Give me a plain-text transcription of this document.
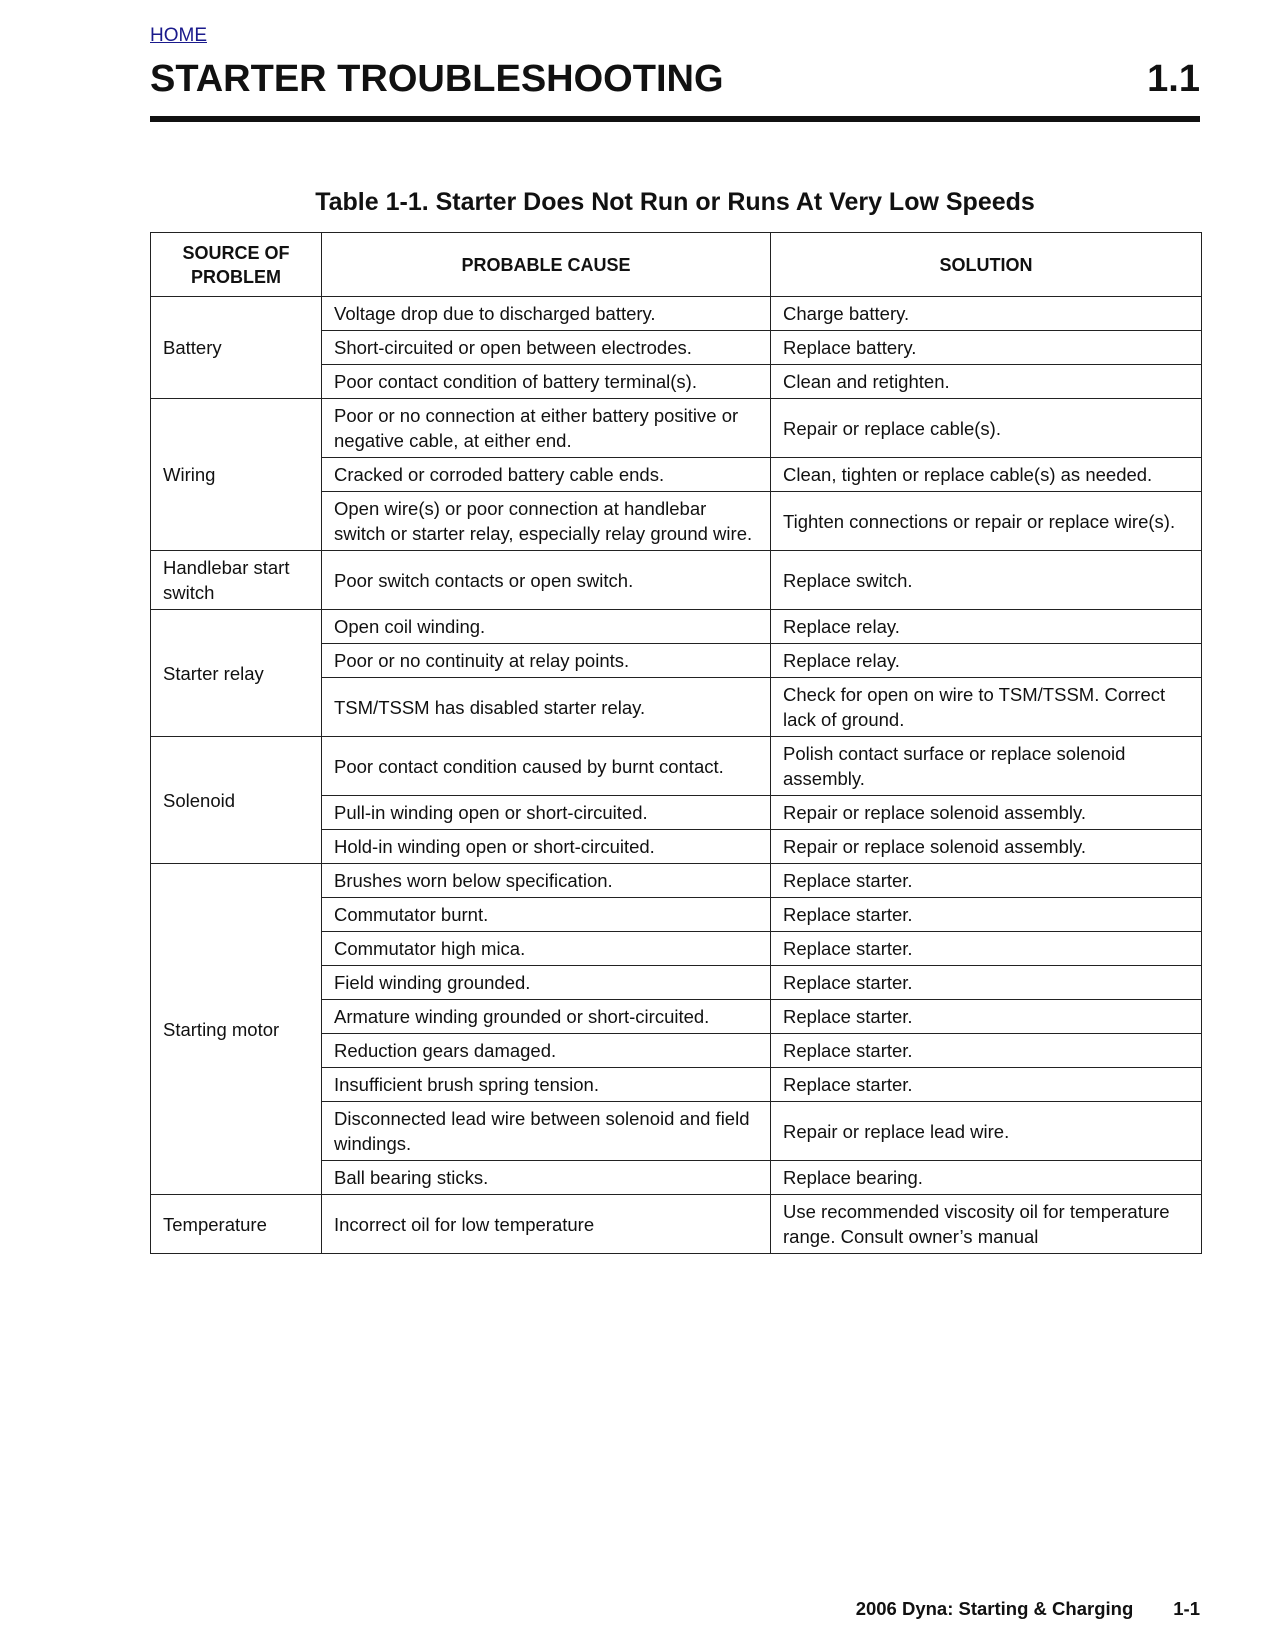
HOME
STARTER TROUBLESHOOTING	1.1
Table 1-1. Starter Does Not Run or Runs At Very Low Speeds
SOURCE OF PROBLEM	PROBABLE CAUSE	SOLUTION
Battery	Voltage drop due to discharged battery.	Charge battery.
	Short-circuited or open between electrodes.	Replace battery.
	Poor contact condition of battery terminal(s).	Clean and retighten.
Wiring	Poor or no connection at either battery positive or negative cable, at either end.	Repair or replace cable(s).
	Cracked or corroded battery cable ends.	Clean, tighten or replace cable(s) as needed.
	Open wire(s) or poor connection at handlebar switch or starter relay, especially relay ground wire.	Tighten connections or repair or replace wire(s).
Handlebar start switch	Poor switch contacts or open switch.	Replace switch.
Starter relay	Open coil winding.	Replace relay.
	Poor or no continuity at relay points.	Replace relay.
	TSM/TSSM has disabled starter relay.	Check for open on wire to TSM/TSSM. Correct lack of ground.
Solenoid	Poor contact condition caused by burnt contact.	Polish contact surface or replace solenoid assembly.
	Pull-in winding open or short-circuited.	Repair or replace solenoid assembly.
	Hold-in winding open or short-circuited.	Repair or replace solenoid assembly.
Starting motor	Brushes worn below specification.	Replace starter.
	Commutator burnt.	Replace starter.
	Commutator high mica.	Replace starter.
	Field winding grounded.	Replace starter.
	Armature winding grounded or short-circuited.	Replace starter.
	Reduction gears damaged.	Replace starter.
	Insufficient brush spring tension.	Replace starter.
	Disconnected lead wire between solenoid and field windings.	Repair or replace lead wire.
	Ball bearing sticks.	Replace bearing.
Temperature	Incorrect oil for low temperature	Use recommended viscosity oil for temperature range. Consult owner’s manual
2006 Dyna: Starting & Charging 1-1
